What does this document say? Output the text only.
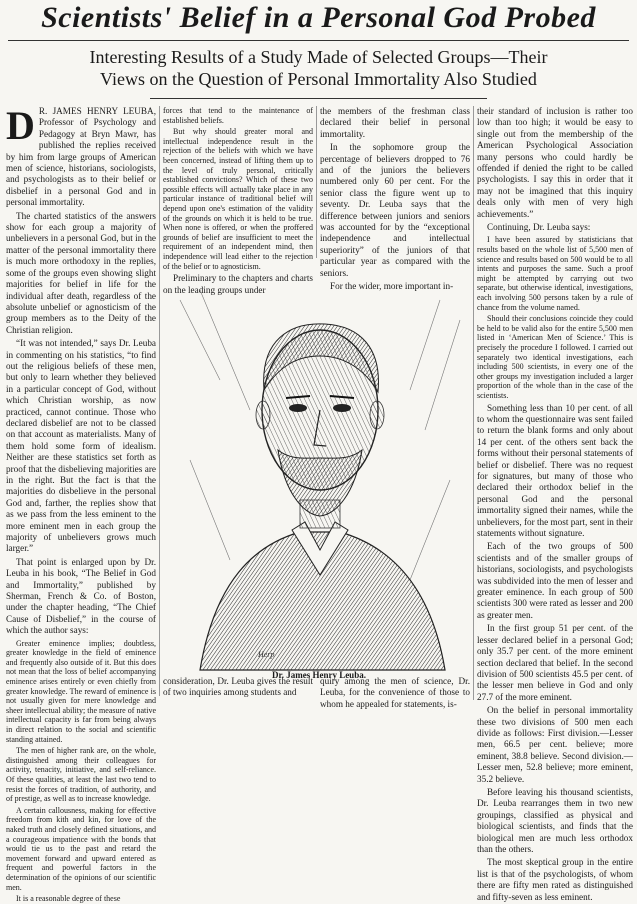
Scientists' Belief in a Personal God Probed
Interesting Results of a Study Made of Selected Groups—Their
Views on the Question of Personal Immortality Also Studied

D R. JAMES HENRY LEUBA, Professor of Psychology and Pedagogy at Bryn Mawr, has published the replies received by him from large groups of American men of science, historians, sociologists, and psychologists as to their belief or disbelief in a personal God and in personal immortality.

The charted statistics of the answers show for each group a majority of unbelievers in a personal God, but in the matter of the personal immortality there is much more orthodoxy in the replies, some of the groups even showing slight majorities for belief in life for the individual after death, regardless of the absolute unbelief or agnosticism of the group members as to the Deity of the Christian religion.

“It was not intended,” says Dr. Leuba in commenting on his statistics, “to find out the religious beliefs of these men, but only to learn whether they believed in a particular concept of God, without which Christian worship, as now practiced, cannot continue. Those who declared disbelief are not to be classed on that account as materialists. Many of them hold some form of idealism. Neither are these statistics set forth as proof that the disbelieving majorities are in the right. But the fact is that the majorities do disbelieve in the personal God and, farther, the replies show that as we pass from the less eminent to the more eminent men in each group the majority of unbelievers grows much larger.”

That point is enlarged upon by Dr. Leuba in his book, “The Belief in God and Immortality,” published by Sherman, French & Co. of Boston, under the chapter heading, “The Chief Cause of Disbelief,” in the course of which the author says:

Greater eminence implies; doubtless, greater knowledge in the field of eminence and frequently also outside of it. But this does not mean that the loss of belief accompanying eminence arises entirely or even chiefly from greater knowledge. The reward of eminence is not usually given for mere knowledge and sheer intellectual ability; the measure of native intellectual capacity is far from being always in direct relation to the social and scientific standing attained.

The men of higher rank are, on the whole, distinguished among their colleagues for activity, tenacity, initiative, and self-reliance. Of these qualities, at least the last two tend to resist the forces of tradition, of authority, and of prestige, as well as to increase knowledge.

A certain callousness, making for effective freedom from kith and kin, for love of the naked truth and closely defined situations, and a courageous impatience with the bonds that would tie us to the past and retard the movement forward and upward entered as frequent and powerful factors in the determination of the opinions of our scientific men.

It is a reasonable degree of these

forces that tend to the maintenance of established beliefs.

But why should greater moral and intellectual independence result in the rejection of the beliefs with which we have been concerned, instead of lifting them up to the level of truly personal, critically established convictions? Which of these two possible effects will actually take place in any particular instance of traditional belief will depend upon one's estimation of the validity of the grounds on which it is held to be true. When none is offered, or when the proffered grounds of belief are insufficient to meet the requirement of an independent mind, then independence will lead either to the rejection of the belief or to agnosticism.

Preliminary to the chapters and charts on the leading groups under

consideration, Dr. Leuba gives the result of two inquiries among students and

the members of the freshman class declared their belief in personal immortality.

In the sophomore group the percentage of believers dropped to 76 and of the juniors the believers numbered only 60 per cent. For the senior class the figure went up to seventy. Dr. Leuba says that the difference between juniors and seniors was accounted for by the “exceptional independence and intellectual superiority” of the juniors of that particular year as compared with the seniors.

For the wider, more important in-

quiry among the men of science, Dr. Leuba, for the convenience of those to whom he appealed for statements, is-

their standard of inclusion is rather too low than too high; it would be easy to single out from the membership of the American Psychological Association many persons who could hardly be offended if denied the right to be called psychologists. I say this in order that it may not be imagined that this inquiry deals only with men of very high achievements.”

Continuing, Dr. Leuba says:

I have been assured by statisticians that results based on the whole list of 5,500 men of science and results based on 500 would be to all intents and purposes the same. Such a proof might be attempted by carrying out two separate, but otherwise identical, investigations, each involving 500 persons taken by a rule of chance from the volume named.

Should their conclusions coincide they could be held to be valid also for the entire 5,500 men listed in ‘American Men of Science.’ This is precisely the procedure I followed. I carried out separately two identical investigations, each including 500 scientists, in every one of the other groups my investigation included a larger proportion of the whole than in the case of the scientists.

Something less than 10 per cent. of all to whom the questionnaire was sent failed to return the blank forms and only about 14 per cent. of the others sent back the forms without their personal statements of belief or disbelief. There was no request for signatures, but many of those who declared their orthodox belief in the personal God and the personal immortality signed their names, while the unbelievers, for the most part, sent in their statements without signature.

Each of the two groups of 500 scientists and of the smaller groups of historians, sociologists, and psychologists was subdivided into the men of lesser and greater eminence. In each group of 500 scientists 300 were rated as lesser and 200 as greater men.

In the first group 51 per cent. of the lesser declared belief in a personal God; only 35.7 per cent. of the more eminent section declared that belief. In the second division of 500 scientists 45.5 per cent. of the lesser men believe in God and only 27.7 of the more eminent.

On the belief in personal immortality these two divisions of 500 men each divide as follows: First division.—Lesser men, 66.5 per cent. believe; more eminent, 38.8 believe. Second division.—Lesser men, 52.8 believe; more eminent, 35.2 believe.

Before leaving his thousand scientists, Dr. Leuba rearranges them in two new groupings, classified as physical and biological scientists, and finds that the biological men are much less orthodox than the others.

The most skeptical group in the entire list is that of the psychologists, of whom there are fifty men rated as distinguished and fifty-seven as less eminent.

Herp
Dr. James Henry Leuba.
